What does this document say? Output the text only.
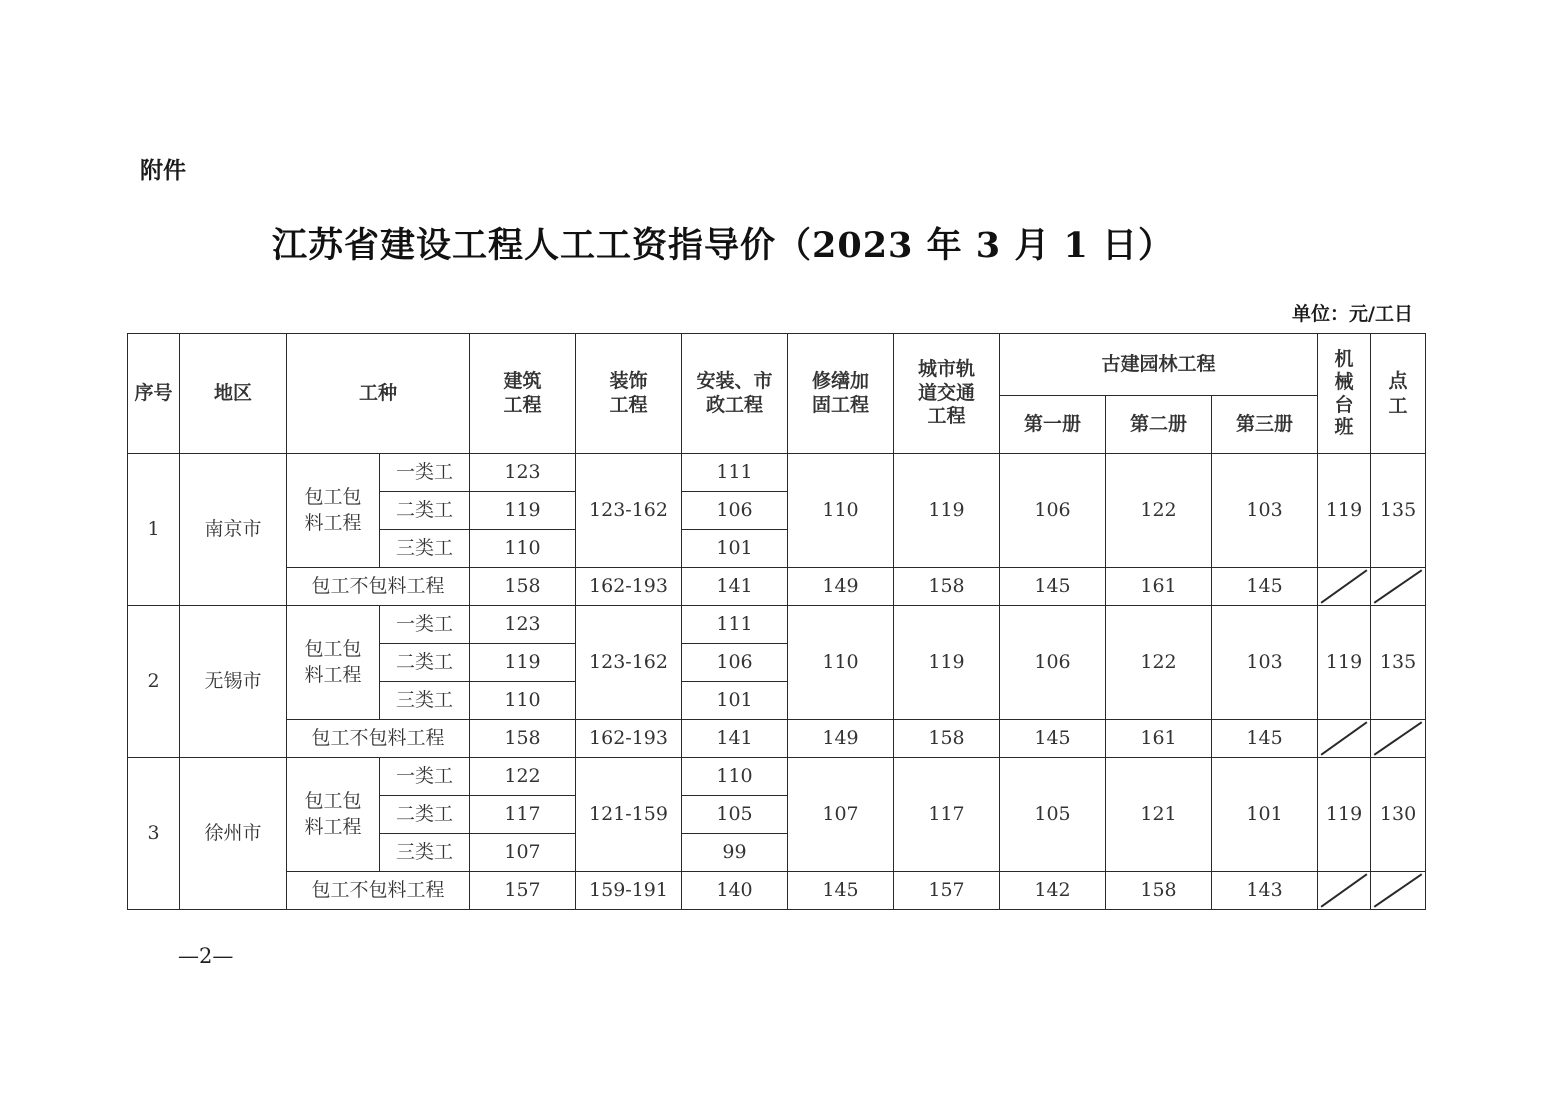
附件
江苏省建设工程人工工资指导价（2023 年 3 月 1 日）
单位：元/工日
序号	地区	工种		建筑工程	装饰工程	安装、市政工程	修缮加固工程	城市轨道交通工程	古建园林工程			机械台班	点工

									第一册	第二册	第三册		
1	南京市	包工包料工程	一类工	123	123-162	111	110	119	106	122	103	119	135
			二类工	119		106							
			三类工	110		101							
		包工不包料工程		158	162-193	141	149	158	145	161	145	

2	无锡市	包工包料工程	一类工	123	123-162	111	110	119	106	122	103	119	135
			二类工	119		106							
			三类工	110		101							
		包工不包料工程		158	162-193	141	149	158	145	161	145	

3	徐州市	包工包料工程	一类工	122	121-159	110	107	117	105	121	101	119	130
			二类工	117		105							
			三类工	107		99							
		包工不包料工程		157	159-191	140	145	157	142	158	143	

—2—
